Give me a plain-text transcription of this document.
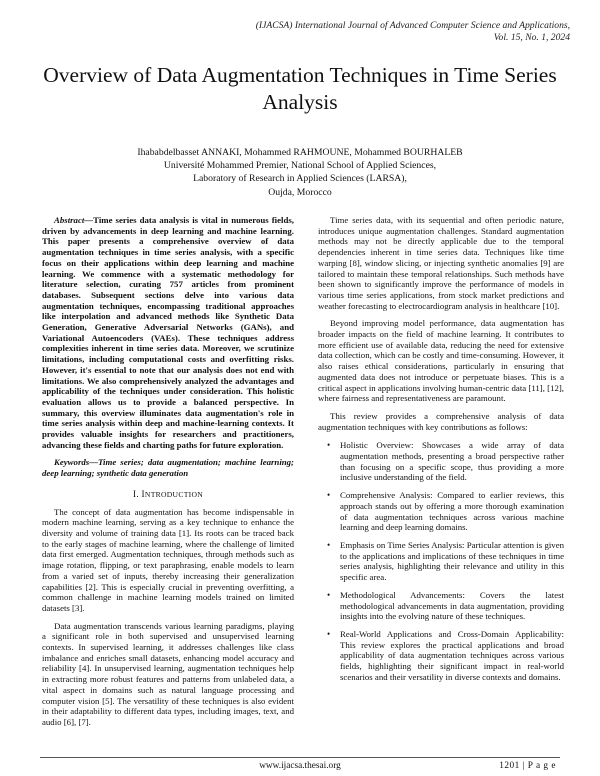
(IJACSA) International Journal of Advanced Computer Science and Applications,
Vol. 15, No. 1, 2024
Overview of Data Augmentation Techniques in Time Series Analysis
Ihababdelbasset ANNAKI, Mohammed RAHMOUNE, Mohammed BOURHALEB
Université Mohammed Premier, National School of Applied Sciences,
Laboratory of Research in Applied Sciences (LARSA),
Oujda, Morocco

Abstract—Time series data analysis is vital in numerous fields, driven by advancements in deep learning and machine learning. This paper presents a comprehensive overview of data augmentation techniques in time series analysis, with a specific focus on their applications within deep learning and machine learning. We commence with a systematic methodology for literature selection, curating 757 articles from prominent databases. Subsequent sections delve into various data augmentation techniques, encompassing traditional approaches like interpolation and advanced methods like Synthetic Data Generation, Generative Adversarial Networks (GANs), and Variational Autoencoders (VAEs). These techniques address complexities inherent in time series data. Moreover, we scrutinize limitations, including computational costs and overfitting risks. However, it's essential to note that our analysis does not end with limitations. We also comprehensively analyzed the advantages and applicability of the techniques under consideration. This holistic evaluation allows us to provide a balanced perspective. In summary, this overview illuminates data augmentation's role in time series analysis within deep and machine-learning contexts. It provides valuable insights for researchers and practitioners, advancing these fields and charting paths for future exploration.

Keywords—Time series; data augmentation; machine learning; deep learning; synthetic data generation

I. INTRODUCTION

The concept of data augmentation has become indispensable in modern machine learning, serving as a key technique to enhance the diversity and volume of training data [1]. Its roots can be traced back to the early stages of machine learning, where the challenge of limited data first emerged. Augmentation techniques, through methods such as image rotation, flipping, or text paraphrasing, enable models to learn from a varied set of inputs, thereby increasing their generalization capabilities [2]. This is especially crucial in preventing overfitting, a common challenge in machine learning models trained on limited datasets [3].

Data augmentation transcends various learning paradigms, playing a significant role in both supervised and unsupervised learning contexts. In supervised learning, it addresses challenges like class imbalance and enriches small datasets, enhancing model accuracy and reliability [4]. In unsupervised learning, augmentation techniques help in extracting more robust features and patterns from unlabeled data, a vital aspect in domains such as natural language processing and computer vision [5]. The versatility of these techniques is also evident in their adaptability to different data types, including images, text, and audio [6], [7].

Time series data, with its sequential and often periodic nature, introduces unique augmentation challenges. Standard augmentation methods may not be directly applicable due to the temporal dependencies inherent in time series data. Techniques like time warping [8], window slicing, or injecting synthetic anomalies [9] are tailored to maintain these temporal relationships. Such methods have been shown to significantly improve the performance of models in various time series applications, from stock market predictions and weather forecasting to electrocardiogram analysis in healthcare [10].

Beyond improving model performance, data augmentation has broader impacts on the field of machine learning. It contributes to more efficient use of available data, reducing the need for extensive data collection, which can be costly and time-consuming. However, it also raises ethical considerations, particularly in ensuring that augmented data does not introduce or perpetuate biases. This is a critical aspect in applications involving human-centric data [11], [12], where fairness and representativeness are paramount.

This review provides a comprehensive analysis of data augmentation techniques with key contributions as follows:

• Holistic Overview: Showcases a wide array of data augmentation methods, presenting a broad perspective rather than focusing on a specific scope, thus providing a more inclusive understanding of the field.
• Comprehensive Analysis: Compared to earlier reviews, this approach stands out by offering a more thorough examination of data augmentation techniques across various machine learning and deep learning domains.
• Emphasis on Time Series Analysis: Particular attention is given to the applications and implications of these techniques in time series analysis, highlighting their relevance and utility in this specific area.
• Methodological Advancements: Covers the latest methodological advancements in data augmentation, providing insights into the evolving nature of these techniques.
• Real-World Applications and Cross-Domain Applicability: This review explores the practical applications and broad applicability of data augmentation techniques across various fields, highlighting their significant impact in real-world scenarios and their versatility in diverse contexts and domains.
www.ijacsa.thesai.org	1201 | P a g e
